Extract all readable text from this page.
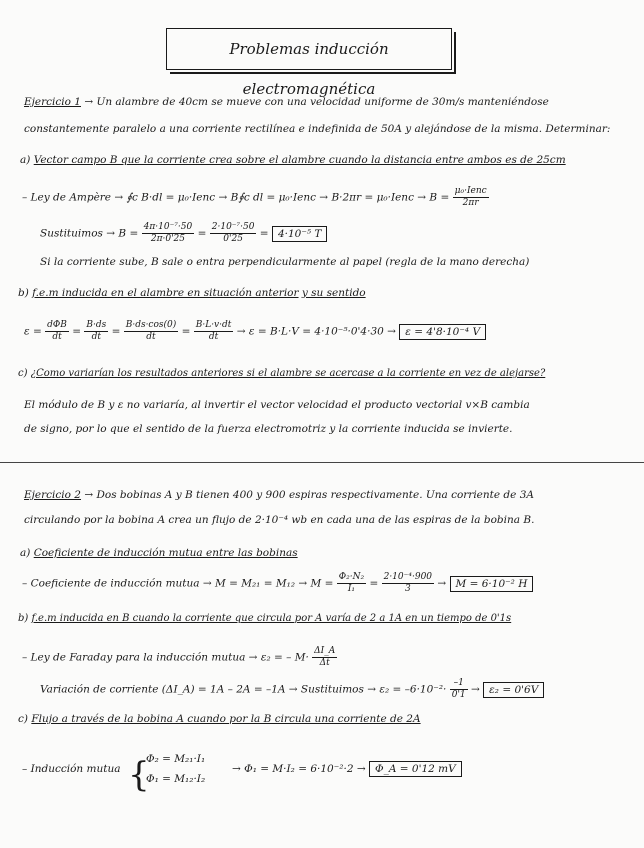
Problemas inducción electromagnética
Ejercicio 1 → Un alambre de 40cm se mueve con una velocidad uniforme de 30m/s manteniéndose
constantemente paralelo a una corriente rectilínea e indefinida de 50A y alejándose de la misma. Determinar:
a) Vector campo B que la corriente crea sobre el alambre cuando la distancia entre ambos es de 25cm
– Ley de Ampère → ∮c B·dl = μ₀·Ienc → B∮c dl = μ₀·Ienc → B·2πr = μ₀·Ienc → $B = \frac{\text{μ₀·Ienc}}{2\pi r}$
Sustituimos → $B = \frac{\text{4π·10⁻⁷·50}}{2\pi\cdot 0'25} = \frac{\text{2·10⁻⁷·50}}{0'25} = 4\cdot 10^{-5}$ T
Si la corriente sube, B sale o entra perpendicularmente al papel (regla de la mano derecha)
b) f.e.m inducida en el alambre en situación anterior y su sentido
$\varepsilon = \frac{\text{dΦB}}{dt} = \frac{B\cdot ds}{dt} = \frac{B\cdot ds\cdot\cos(0)}{dt} = \frac{B\cdot L\cdot v\cdot dt}{dt} \to \varepsilon = B\cdot L\cdot V = 4\cdot 10^{-5}\cdot 0'4\cdot 30 \to \varepsilon = 4'8\cdot 10^{-4}$ V
c) ¿Como variarían los resultados anteriores si el alambre se acercase a la corriente en vez de alejarse?
El módulo de B y ε no variaría, al invertir el vector velocidad el producto vectorial v×B cambia
de signo, por lo que el sentido de la fuerza electromotriz y la corriente inducida se invierte.
Ejercicio 2 → Dos bobinas A y B tienen 400 y 900 espiras respectivamente. Una corriente de 3A
circulando por la bobina A crea un flujo de 2·10⁻⁴ wb en cada una de las espiras de la bobina B.
a) Coeficiente de inducción mutua entre las bobinas
– Coeficiente de inducción mutua → $M = M_{21} = M_{12} \to M = \frac{\text{Φ₂·N₂}}{\text{I₁}} = \frac{\text{2·10⁻⁴·900}}{3} \to M = 6\cdot 10^{-2}$ H
b) f.e.m inducida en B cuando la corriente que circula por A varía de 2 a 1A en un tiempo de 0'1s
– Ley de Faraday para la inducción mutua → ε₂ = – $M\cdot \frac{\Delta I\_A}{\Delta t}$
Variación de corriente (ΔI_A) = 1A – 2A = –1A → Sustituimos → $\varepsilon_2 = -6\cdot 10^{-2}\cdot \frac{-1}{0'1} \to \varepsilon_2 = 0'6V$
c) Flujo a través de la bobina A cuando por la B circula una corriente de 2A
– Inducción mutua {
Φ₂ = M₂₁·I₁
Φ₁ = M₁₂·I₂
→ Φ₁ = M·I₂ = 6·10⁻²·2 → Φ_A = 0'12 mV
